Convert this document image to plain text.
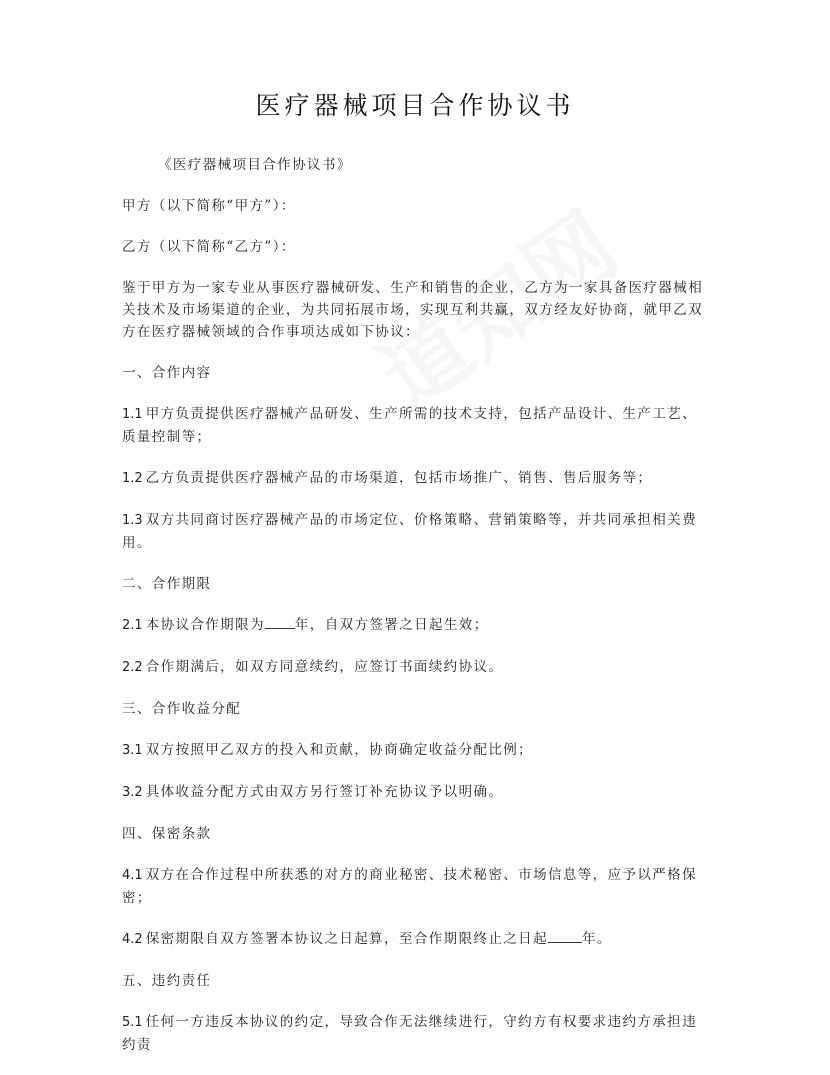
医疗器械项目合作协议书

《医疗器械项目合作协议书》

甲方（以下简称“甲方”）：

乙方（以下简称“乙方”）：

鉴于甲方为一家专业从事医疗器械研发、生产和销售的企业，乙方为一家具备医疗器械相关技术及市场渠道的企业，为共同拓展市场，实现互利共赢，双方经友好协商，就甲乙双方在医疗器械领域的合作事项达成如下协议：

一、合作内容

1.1 甲方负责提供医疗器械产品研发、生产所需的技术支持，包括产品设计、生产工艺、质量控制等；

1.2 乙方负责提供医疗器械产品的市场渠道，包括市场推广、销售、售后服务等；

1.3 双方共同商讨医疗器械产品的市场定位、价格策略、营销策略等，并共同承担相关费用。

二、合作期限

2.1 本协议合作期限为 年，自双方签署之日起生效；

2.2 合作期满后，如双方同意续约，应签订书面续约协议。

三、合作收益分配

3.1 双方按照甲乙双方的投入和贡献，协商确定收益分配比例；

3.2 具体收益分配方式由双方另行签订补充协议予以明确。

四、保密条款

4.1 双方在合作过程中所获悉的对方的商业秘密、技术秘密、市场信息等，应予以严格保密；

4.2 保密期限自双方签署本协议之日起算，至合作期限终止之日起	年。

五、违约责任

5.1 任何一方违反本协议的约定，导致合作无法继续进行，守约方有权要求违约方承担违约责
